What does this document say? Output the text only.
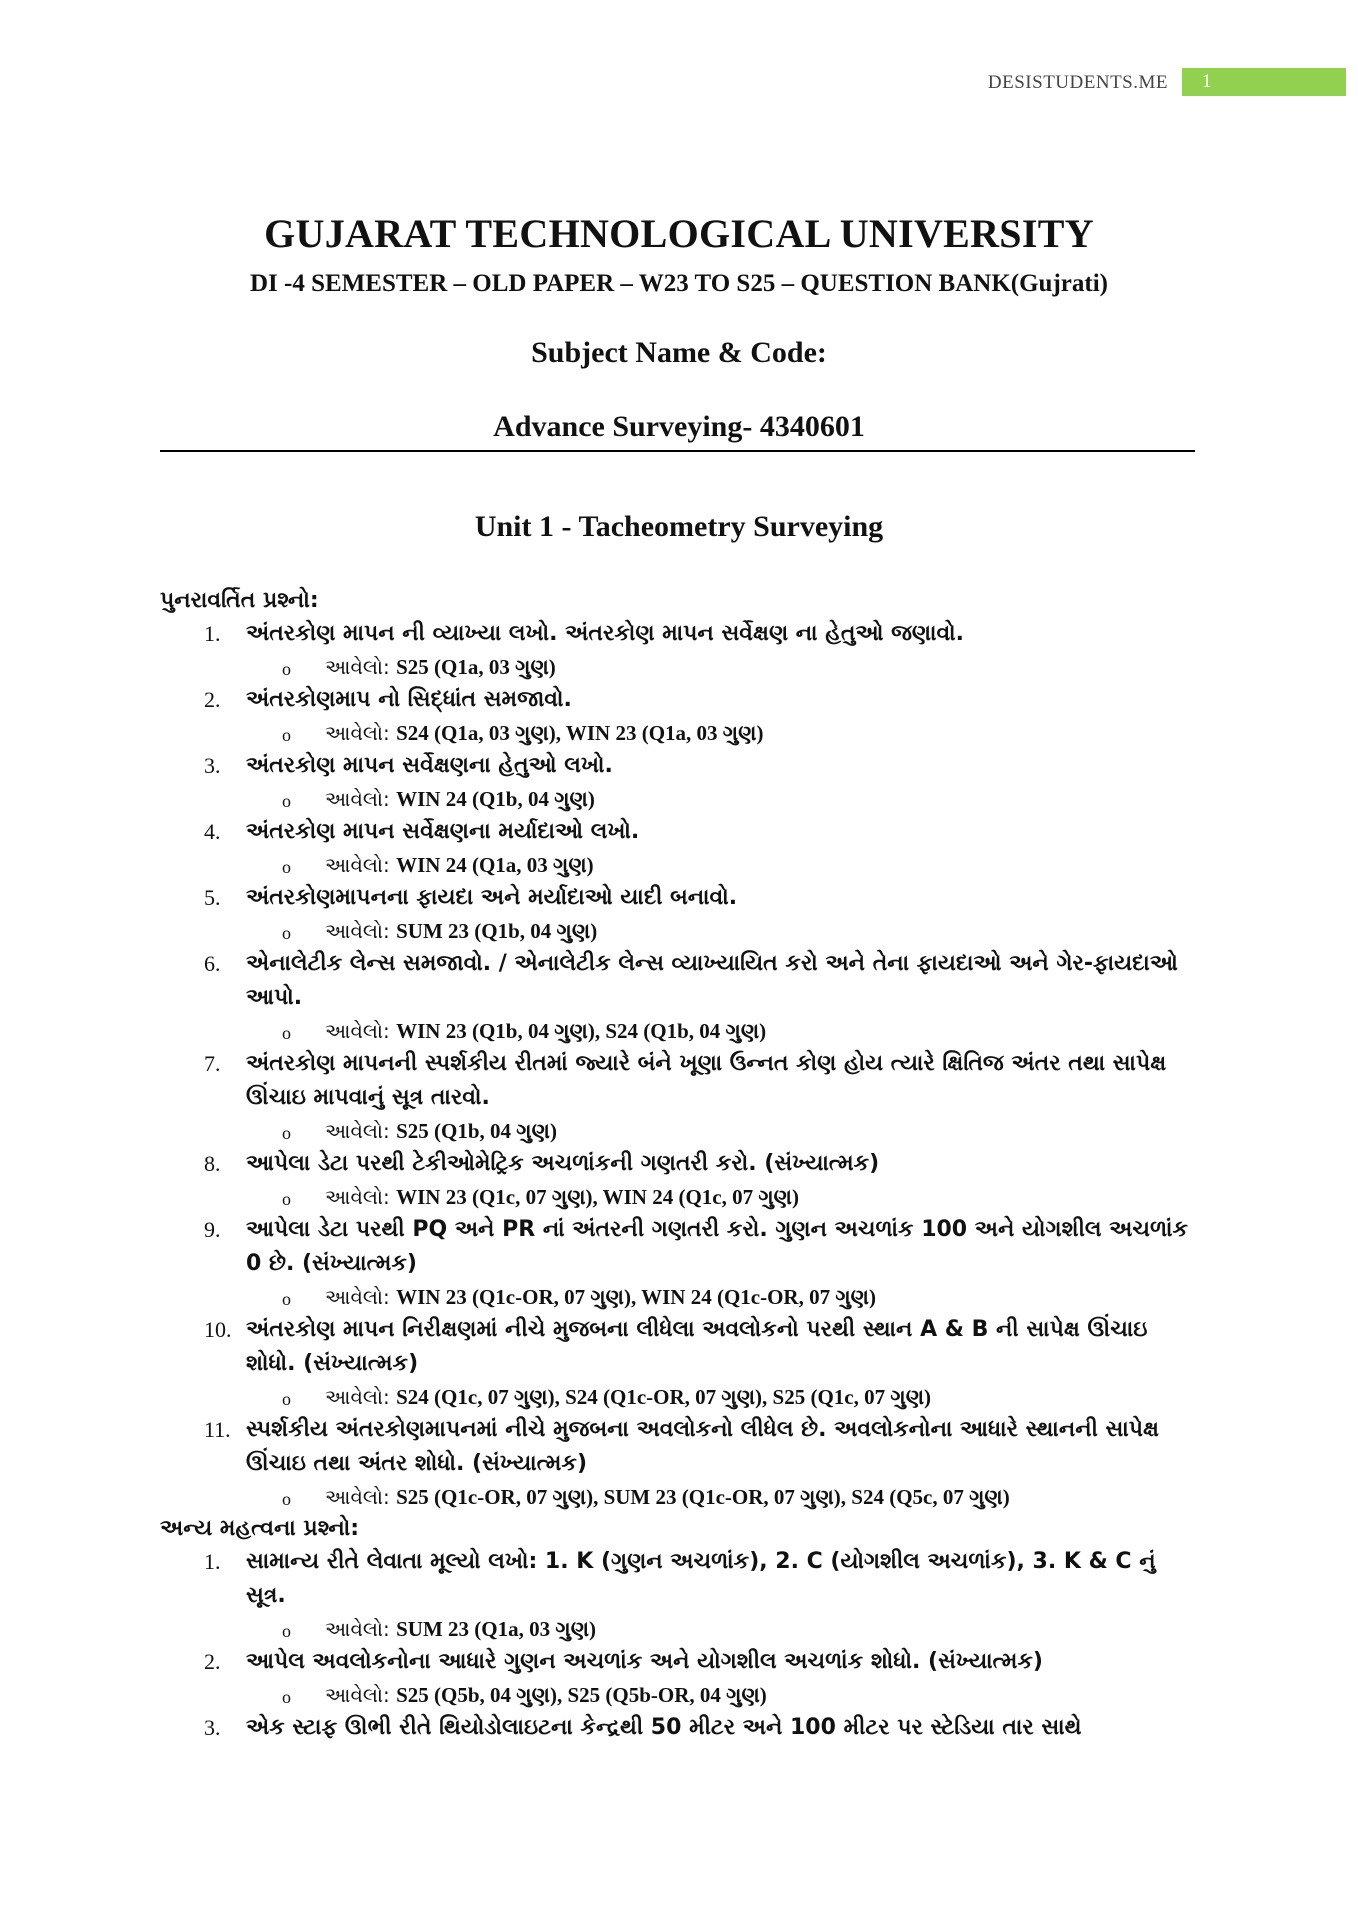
DESISTUDENTS.ME 1
GUJARAT TECHNOLOGICAL UNIVERSITY
DI -4 SEMESTER – OLD PAPER – W23 TO S25 – QUESTION BANK(Gujrati)
Subject Name & Code:
Advance Surveying- 4340601
Unit 1 - Tacheometry Surveying
પુનરાવર્તિત પ્રશ્નો:
1. અંતરકોણ માપન ની વ્યાખ્યા લખો. અંતરકોણ માપન સર્વેક્ષણ ના હેતુઓ જણાવો.
o આવેલો: S25 (Q1a, 03 ગુણ)
2. અંતરકોણમાપ નો સિદ્ધાંત સમજાવો.
o આવેલો: S24 (Q1a, 03 ગુણ), WIN 23 (Q1a, 03 ગુણ)
3. અંતરકોણ માપન સર્વેક્ષણના હેતુઓ લખો.
o આવેલો: WIN 24 (Q1b, 04 ગુણ)
4. અંતરકોણ માપન સર્વેક્ષણના મર્યાદાઓ લખો.
o આવેલો: WIN 24 (Q1a, 03 ગુણ)
5. અંતરકોણમાપનના ફાયદા અને મર્યાદાઓ યાદી બનાવો.
o આવેલો: SUM 23 (Q1b, 04 ગુણ)
6. એનાલેટીક લેન્સ સમજાવો. / એનાલેટીક લેન્સ વ્યાખ્યાયિત કરો અને તેના ફાયદાઓ અને ગેર-ફાયદાઓ આપો.
o આવેલો: WIN 23 (Q1b, 04 ગુણ), S24 (Q1b, 04 ગુણ)
7. અંતરકોણ માપનની સ્પર્શકીય રીતમાં જ્યારે બંને ખૂણા ઉન્નત કોણ હોય ત્યારે ક્ષિતિજ અંતર તથા સાપેક્ષ ઊંચાઇ માપવાનું સૂત્ર તારવો.
o આવેલો: S25 (Q1b, 04 ગુણ)
8. આપેલા ડેટા પરથી ટેકીઓમેટ્રિક અચળાંકની ગણતરી કરો. (સંખ્યાત્મક)
o આવેલો: WIN 23 (Q1c, 07 ગુણ), WIN 24 (Q1c, 07 ગુણ)
9. આપેલા ડેટા પરથી PQ અને PR નાં અંતરની ગણતરી કરો. ગુણન અચળાંક 100 અને યોગશીલ અચળાંક 0 છે. (સંખ્યાત્મક)
o આવેલો: WIN 23 (Q1c-OR, 07 ગુણ), WIN 24 (Q1c-OR, 07 ગુણ)
10. અંતરકોણ માપન નિરીક્ષણમાં નીચે મુજબના લીધેલા અવલોકનો પરથી સ્થાન A & B ની સાપેક્ષ ઊંચાઇ શોધો. (સંખ્યાત્મક)
o આવેલો: S24 (Q1c, 07 ગુણ), S24 (Q1c-OR, 07 ગુણ), S25 (Q1c, 07 ગુણ)
11. સ્પર્શકીય અંતરકોણમાપનમાં નીચે મુજબના અવલોકનો લીધેલ છે. અવલોકનોના આધારે સ્થાનની સાપેક્ષ ઊંચાઇ તથા અંતર શોધો. (સંખ્યાત્મક)
o આવેલો: S25 (Q1c-OR, 07 ગુણ), SUM 23 (Q1c-OR, 07 ગુણ), S24 (Q5c, 07 ગુણ)
અન્ય મહત્વના પ્રશ્નો:
1. સામાન્ય રીતે લેવાતા મૂલ્યો લખો: 1. K (ગુણન અચળાંક), 2. C (યોગશીલ અચળાંક), 3. K & C નું સૂત્ર.
o આવેલો: SUM 23 (Q1a, 03 ગુણ)
2. આપેલ અવલોકનોના આધારે ગુણન અચળાંક અને યોગશીલ અચળાંક શોધો. (સંખ્યાત્મક)
o આવેલો: S25 (Q5b, 04 ગુણ), S25 (Q5b-OR, 04 ગુણ)
3. એક સ્ટાફ ઊભી રીતે થિયોડોલાઇટના કેન્દ્રથી 50 મીટર અને 100 મીટર પર સ્ટેડિયા તાર સાથે
